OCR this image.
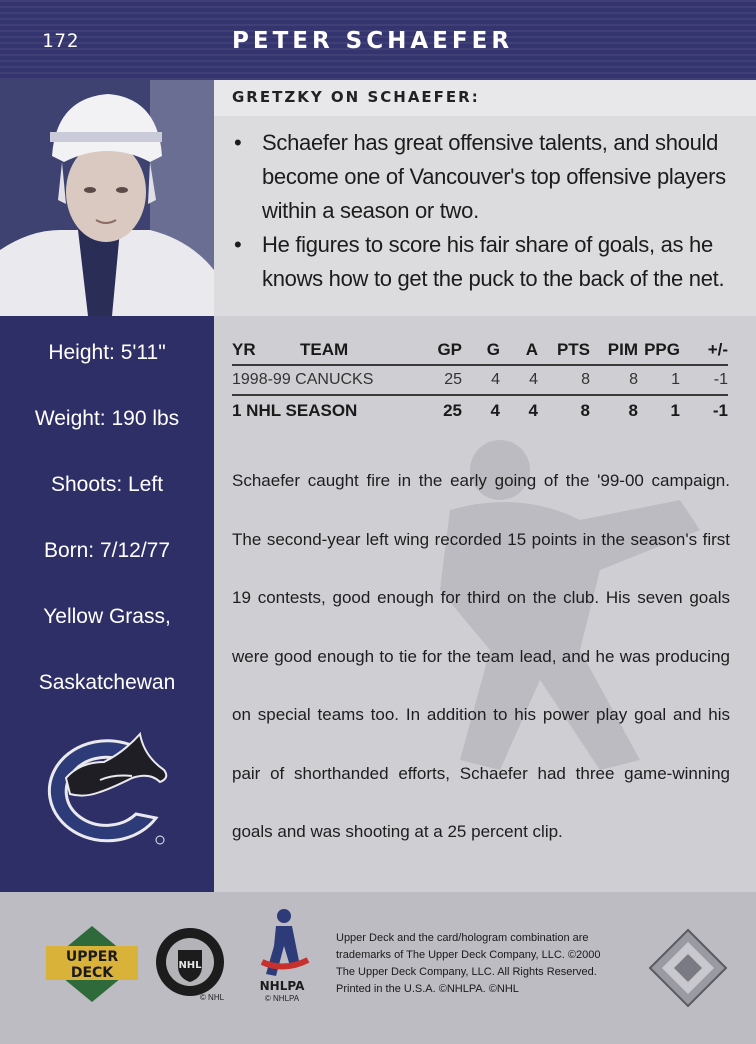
172	PETER SCHAEFER
Height: 5'11"
Weight: 190 lbs
Shoots: Left
Born: 7/12/77
Yellow Grass,
Saskatchewan
GRETZKY ON SCHAEFER:
• Schaefer has great offensive talents, and should become one of Vancouver's top offensive players within a season or two.
• He figures to score his fair share of goals, as he knows how to get the puck to the back of the net.
YR	TEAM	GP	G	A	PTS	PIM	PPG	+/-
1998-99 CANUCKS		25	4	4	8	8	1	-1
1 NHL SEASON		25	4	4	8	8	1	-1
Schaefer caught fire in the early going of the '99-00 campaign. The second-year left wing recorded 15 points in the season's first 19 contests, good enough for third on the club. His seven goals were good enough to tie for the team lead, and he was producing on special teams too. In addition to his power play goal and his pair of shorthanded efforts, Schaefer had three game-winning goals and was shooting at a 25 percent clip.
UPPER
DECK	NHL
© NHL
NHLPA
© NHLPA
Upper Deck and the card/hologram combination are
trademarks of The Upper Deck Company, LLC. ©2000
The Upper Deck Company, LLC. All Rights Reserved.
Printed in the U.S.A. ©NHLPA. ©NHL
